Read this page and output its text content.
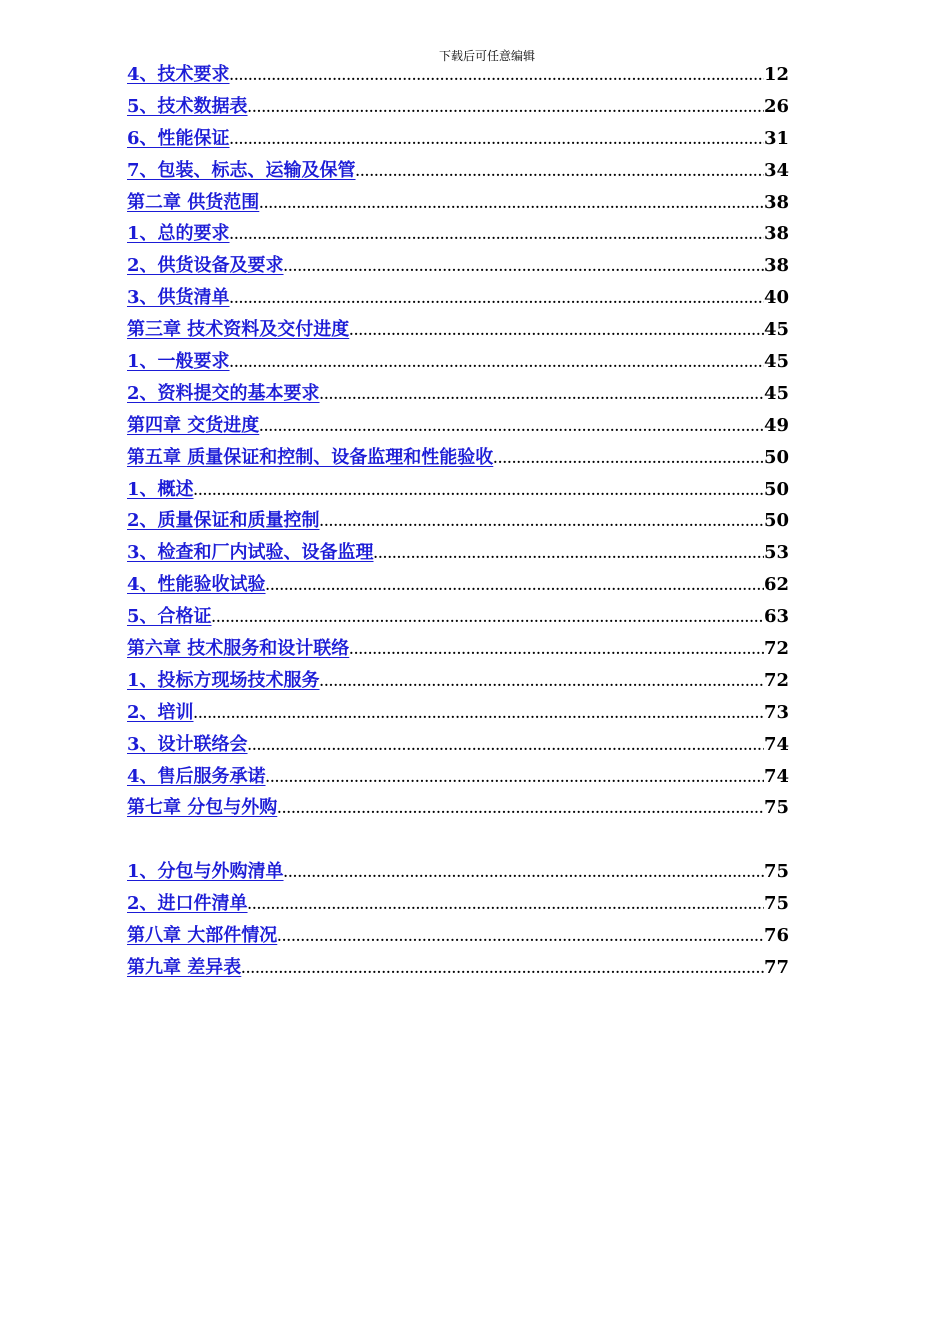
下载后可任意编辑
4、技术要求 .....	12
5、技术数据表 .....	26
6、性能保证 .....	31
7、包装、标志、运输及保管 .....	34
第二章 供货范围 .....	38
1、总的要求 .....	38
2、供货设备及要求 .....	38
3、供货清单 .....	40
第三章 技术资料及交付进度 .....	45
1、一般要求 .....	45
2、资料提交的基本要求 .....	45
第四章 交货进度 .....	49
第五章 质量保证和控制、设备监理和性能验收 .....	50
1、概述 .....	50
2、质量保证和质量控制 .....	50
3、检查和厂内试验、设备监理 .....	53
4、性能验收试验 .....	62
5、合格证 .....	63
第六章 技术服务和设计联络 .....	72
1、投标方现场技术服务 .....	72
2、培训 .....	73
3、设计联络会 .....	74
4、售后服务承诺 .....	74
第七章 分包与外购 .....	75
1、分包与外购清单 .....	75
2、进口件清单 .....	75
第八章 大部件情况 .....	76
第九章 差异表 .....	77
